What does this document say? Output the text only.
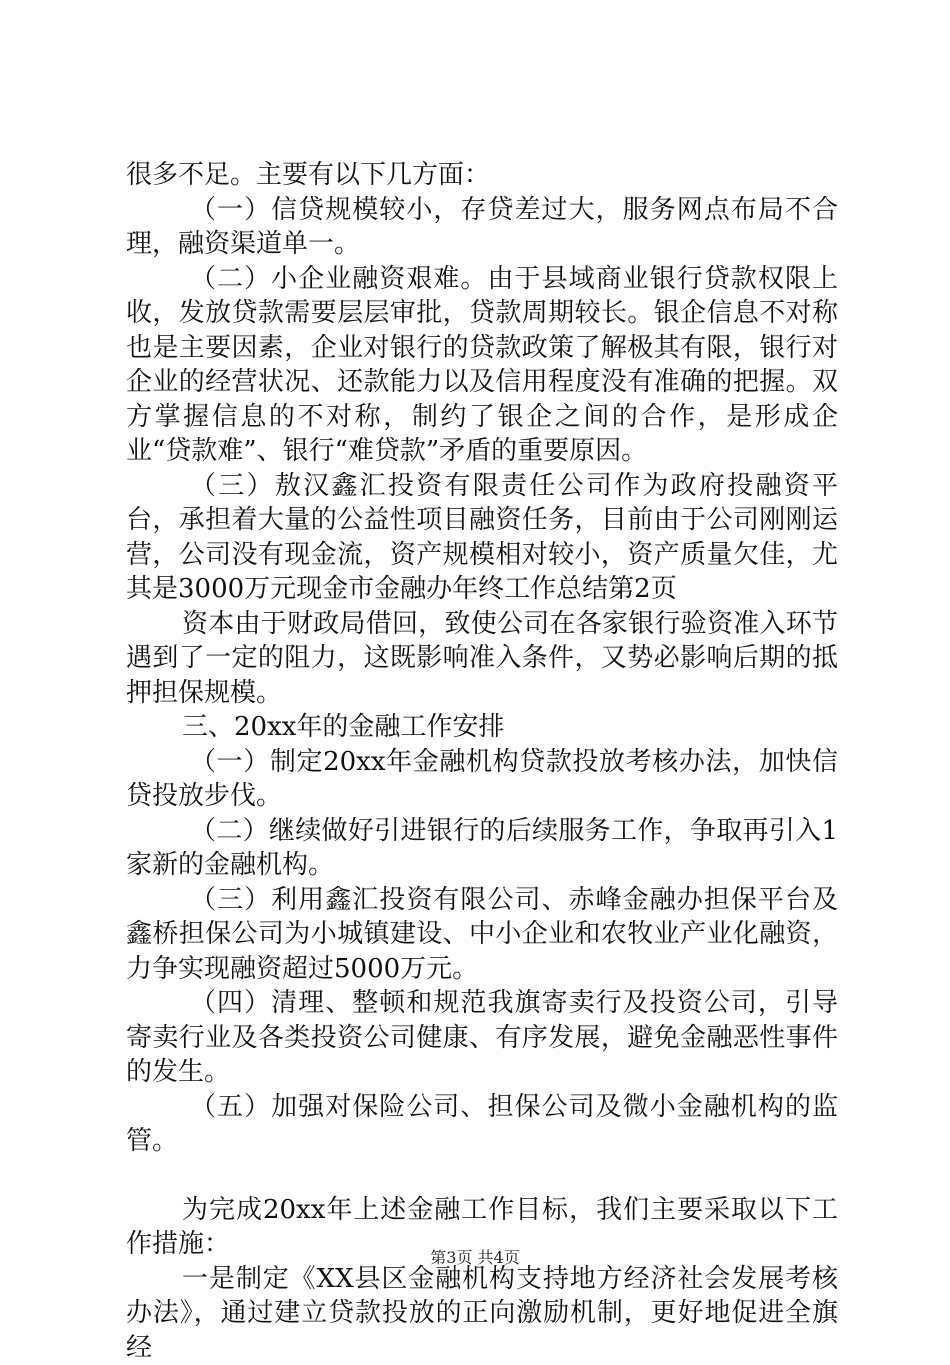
很多不足。主要有以下几方面：

（一）信贷规模较小，存贷差过大，服务网点布局不合理，融资渠道单一。

（二）小企业融资艰难。由于县域商业银行贷款权限上收，发放贷款需要层层审批，贷款周期较长。银企信息不对称也是主要因素，企业对银行的贷款政策了解极其有限，银行对企业的经营状况、还款能力以及信用程度没有准确的把握。双方掌握信息的不对称，制约了银企之间的合作，是形成企业“贷款难”、银行“难贷款”矛盾的重要原因。

（三）敖汉鑫汇投资有限责任公司作为政府投融资平台，承担着大量的公益性项目融资任务，目前由于公司刚刚运营，公司没有现金流，资产规模相对较小，资产质量欠佳，尤其是3000万元现金市金融办年终工作总结第2页

资本由于财政局借回，致使公司在各家银行验资准入环节遇到了一定的阻力，这既影响准入条件，又势必影响后期的抵押担保规模。

三、20xx年的金融工作安排

（一）制定20xx年金融机构贷款投放考核办法，加快信贷投放步伐。

（二）继续做好引进银行的后续服务工作，争取再引入1家新的金融机构。

（三）利用鑫汇投资有限公司、赤峰金融办担保平台及鑫桥担保公司为小城镇建设、中小企业和农牧业产业化融资，力争实现融资超过5000万元。

（四）清理、整顿和规范我旗寄卖行及投资公司，引导寄卖行业及各类投资公司健康、有序发展，避免金融恶性事件的发生。

（五）加强对保险公司、担保公司及微小金融机构的监管。

为完成20xx年上述金融工作目标，我们主要采取以下工作措施：

一是制定《XX县区金融机构支持地方经济社会发展考核办法》，通过建立贷款投放的正向激励机制，更好地促进全旗经

第3页 共4页
